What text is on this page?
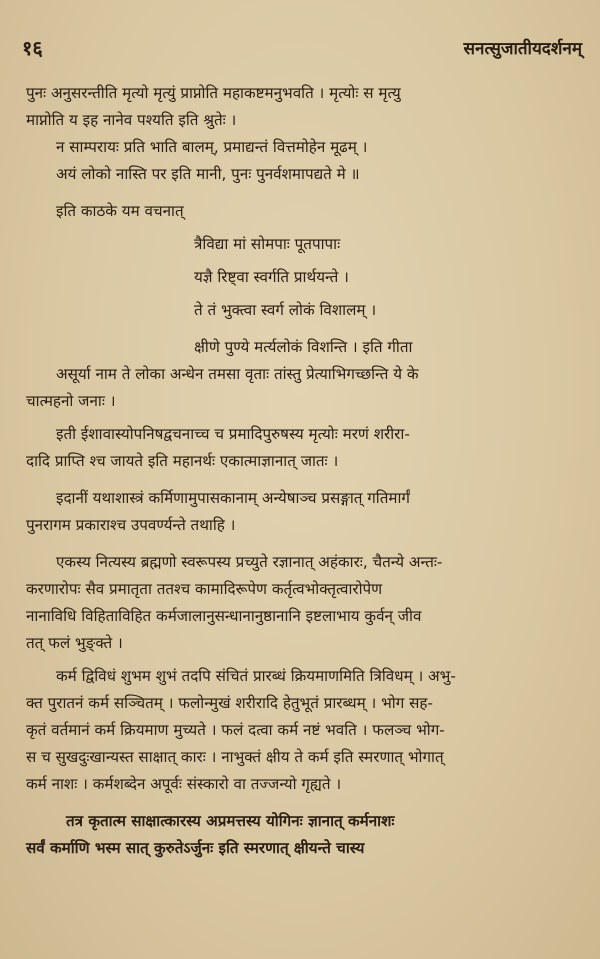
१६	सनत्सुजातीयदर्शनम्

पुनः अनुसरन्तीति मृत्यो मृत्युं प्राप्नोति महाकष्टमनुभवति । मृत्योः स मृत्यु

माप्नोति य इह नानेव पश्यति इति श्रुतेः ।

न साम्परायः प्रति भाति बालम्, प्रमाद्यन्तं वित्तमोहेन मूढम् ।

अयं लोको नास्ति पर इति मानी, पुनः पुनर्वशमापद्यते मे ॥

इति काठके यम वचनात्

त्रैविद्या मां सोमपाः पूतपापाः

यज्ञै रिष्ट्वा स्वर्गति प्रार्थयन्ते ।

ते तं भुक्त्वा स्वर्ग लोकं विशालम् ।

क्षीणे पुण्ये मर्त्यलोकं विशन्ति । इति गीता

असूर्या नाम ते लोका अन्धेन तमसा वृताः तांस्तु प्रेत्याभिगच्छन्ति ये के

चात्महनो जनाः ।

इती ईशावास्योपनिषद्वचनाच्च च प्रमादिपुरुषस्य मृत्योः मरणं शरीरा-

दादि प्राप्ति श्च जायते इति महानर्थः एकात्माज्ञानात् जातः ।

इदानीं यथाशास्त्रं कर्मिणामुपासकानाम् अन्येषाञ्च प्रसङ्गात् गतिमार्गं

पुनरागम प्रकाराश्च उपवर्ण्यन्ते तथाहि ।

एकस्य नित्यस्य ब्रह्मणो स्वरूपस्य प्रच्युते रज्ञानात् अहंकारः, चैतन्ये अन्तः-

करणारोपः सैव प्रमातृता ततश्च कामादिरूपेण कर्तृत्वभोक्तृत्वारोपेण

नानाविधि विहिताविहित कर्मजालानुसन्धानानुष्ठानानि इष्टलाभाय कुर्वन् जीव

तत् फलं भुङ्क्ते ।

कर्म द्विविधं शुभम शुभं तदपि संचितं प्रारब्धं क्रियमाणमिति त्रिविधम् । अभु-

क्त पुरातनं कर्म सञ्चितम् । फलोन्मुखं शरीरादि हेतुभूतं प्रारब्धम् । भोग सह-

कृतं वर्तमानं कर्म क्रियमाण मुच्यते । फलं दत्वा कर्म नष्टं भवति । फलञ्च भोग-

स च सुखदुःखान्यस्त साक्षात् कारः । नाभुक्तं क्षीय ते कर्म इति स्मरणात् भोगात्

कर्म नाशः । कर्मशब्देन अपूर्वः संस्कारो वा तज्जन्यो गृह्यते ।

तत्र कृतात्म साक्षात्कारस्य अप्रमत्तस्य योगिनः ज्ञानात् कर्मनाशः

सर्वं कर्माणि भस्म सात् कुरुतेऽर्जुनः इति स्मरणात् क्षीयन्ते चास्य
